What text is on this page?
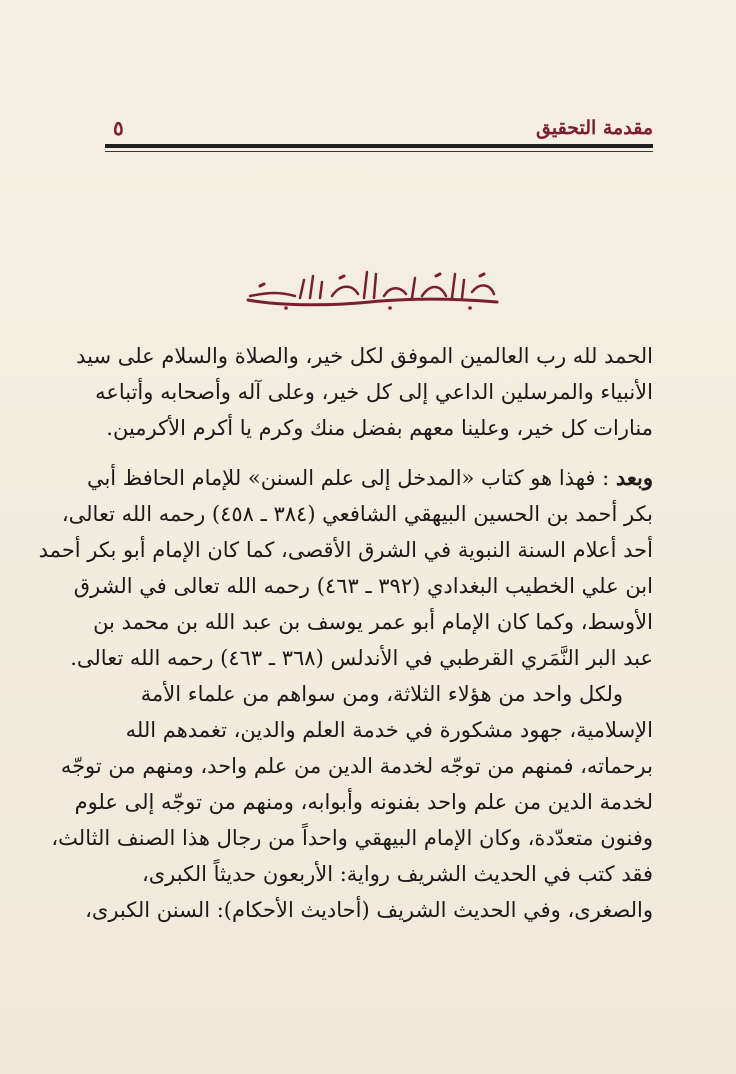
مقدمة التحقيق
٥
الحمد لله رب العالمين الموفق لكل خير، والصلاة والسلام على سيد
الأنبياء والمرسلين الداعي إلى كل خير، وعلى آله وأصحابه وأتباعه
منارات كل خير، وعلينا معهم بفضل منك وكرم يا أكرم الأكرمين.
وبعد : فهذا هو كتاب «المدخل إلى علم السنن» للإمام الحافظ أبي
بكر أحمد بن الحسين البيهقي الشافعي (٣٨٤ ـ ٤٥٨) رحمه الله تعالى،
أحد أعلام السنة النبوية في الشرق الأقصى، كما كان الإمام أبو بكر أحمد
ابن علي الخطيب البغدادي (٣٩٢ ـ ٤٦٣) رحمه الله تعالى في الشرق
الأوسط، وكما كان الإمام أبو عمر يوسف بن عبد الله بن محمد بن
عبد البر النَّمَري القرطبي في الأندلس (٣٦٨ ـ ٤٦٣) رحمه الله تعالى.
ولكل واحد من هؤلاء الثلاثة، ومن سواهم من علماء الأمة
الإسلامية، جهود مشكورة في خدمة العلم والدين، تغمدهم الله
برحماته، فمنهم من توجّه لخدمة الدين من علم واحد، ومنهم من توجّه
لخدمة الدين من علم واحد بفنونه وأبوابه، ومنهم من توجّه إلى علوم
وفنون متعدّدة، وكان الإمام البيهقي واحداً من رجال هذا الصنف الثالث،
فقد كتب في الحديث الشريف رواية: الأربعون حديثاً الكبرى،
والصغرى، وفي الحديث الشريف (أحاديث الأحكام): السنن الكبرى،
